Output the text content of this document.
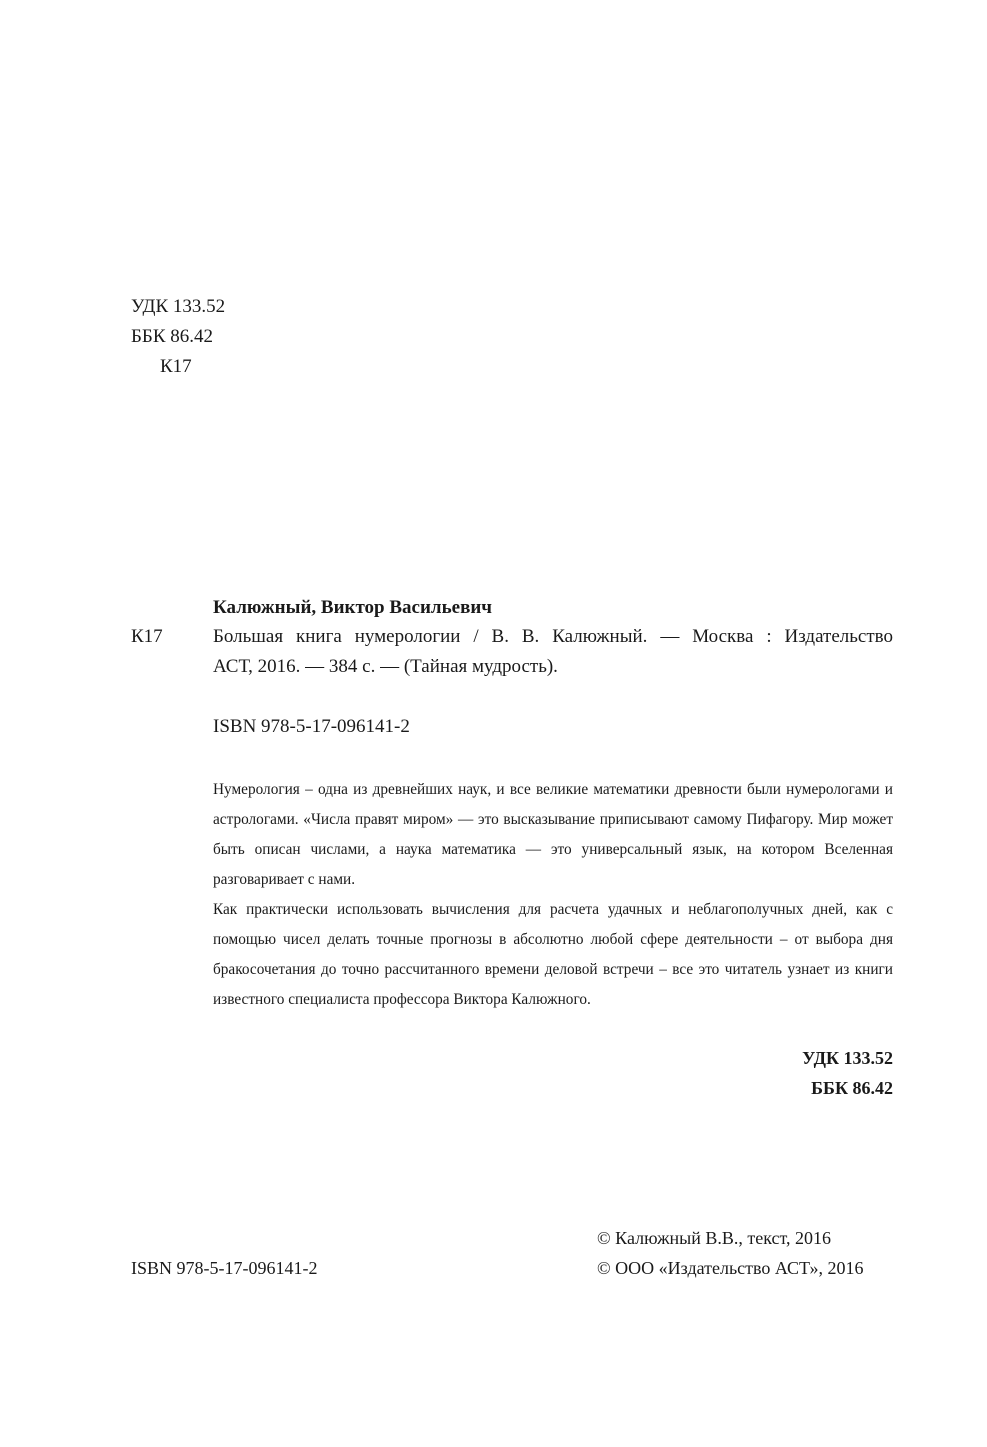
УДК 133.52
ББК 86.42
К17
Калюжный, Виктор Васильевич
К17	Большая книга нумерологии / В. В. Калюжный. — Москва : Издательство
АСТ, 2016. — 384 с. — (Тайная мудрость).
ISBN 978-5-17-096141-2

Нумерология – одна из древнейших наук, и все великие математики древности были нумерологами и астрологами. «Числа правят миром» — это высказывание приписывают самому Пифагору. Мир может быть описан числами, а наука математика — это универсальный язык, на котором Вселенная разговаривает с нами.

Как практически использовать вычисления для расчета удачных и неблагополучных дней, как с помощью чисел делать точные прогнозы в абсолютно любой сфере деятельности – от выбора дня бракосочетания до точно рассчитанного времени деловой встречи – все это читатель узнает из книги известного специалиста профессора Виктора Калюжного.

УДК 133.52
ББК 86.42
© Калюжный В.В., текст, 2016
ISBN 978-5-17-096141-2	© ООО «Издательство АСТ», 2016
